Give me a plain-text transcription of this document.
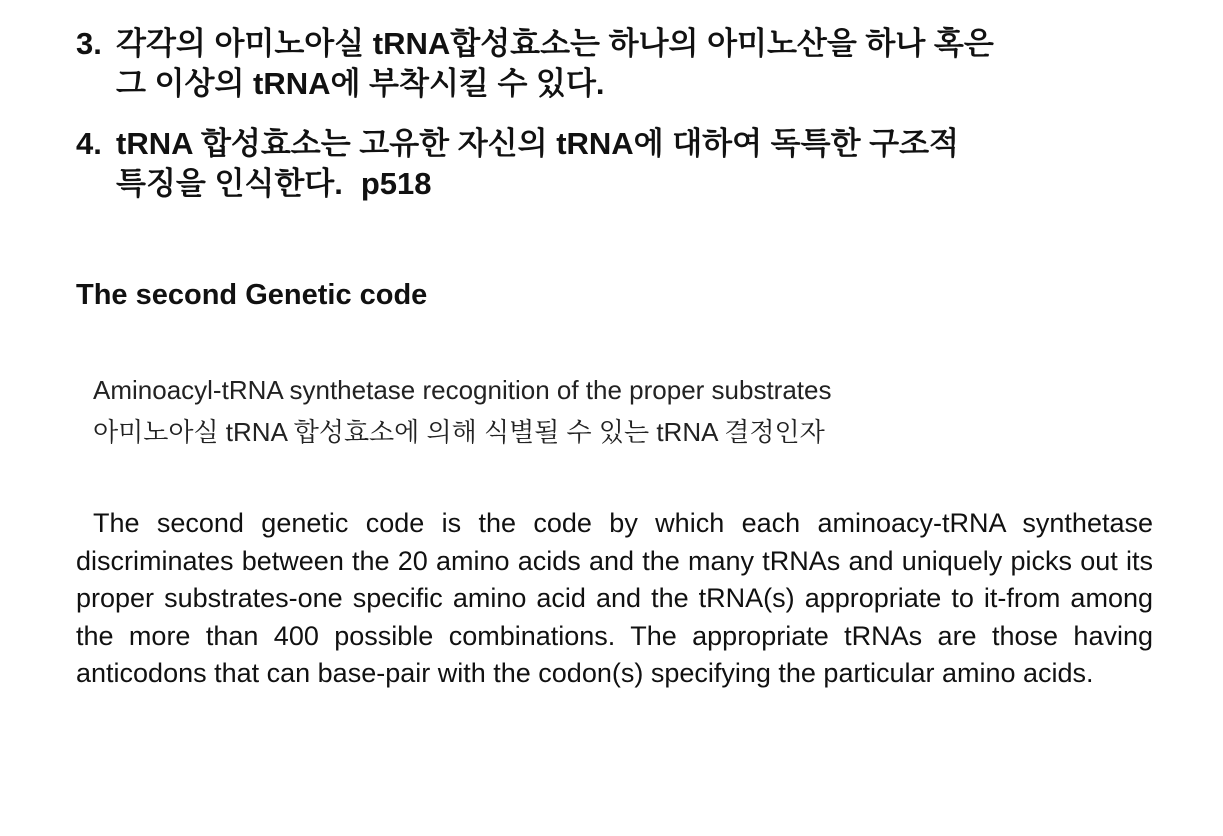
3. 각각의 아미노아실 tRNA합성효소는 하나의 아미노산을 하나 혹은
그 이상의 tRNA에 부착시킬 수 있다.
4. tRNA 합성효소는 고유한 자신의 tRNA에 대하여 독특한 구조적
특징을 인식한다. p518
The second Genetic code
Aminoacyl-tRNA synthetase recognition of the proper substrates
아미노아실 tRNA 합성효소에 의해 식별될 수 있는 tRNA 결정인자
The second genetic code is the code by which each aminoacy-tRNA synthetase discriminates between the 20 amino acids and the many tRNAs and uniquely picks out its proper substrates-one specific amino acid and the tRNA(s) appropriate to it-from among the more than 400 possible combinations. The appropriate tRNAs are those having anticodons that can base-pair with the codon(s) specifying the particular amino acids.
